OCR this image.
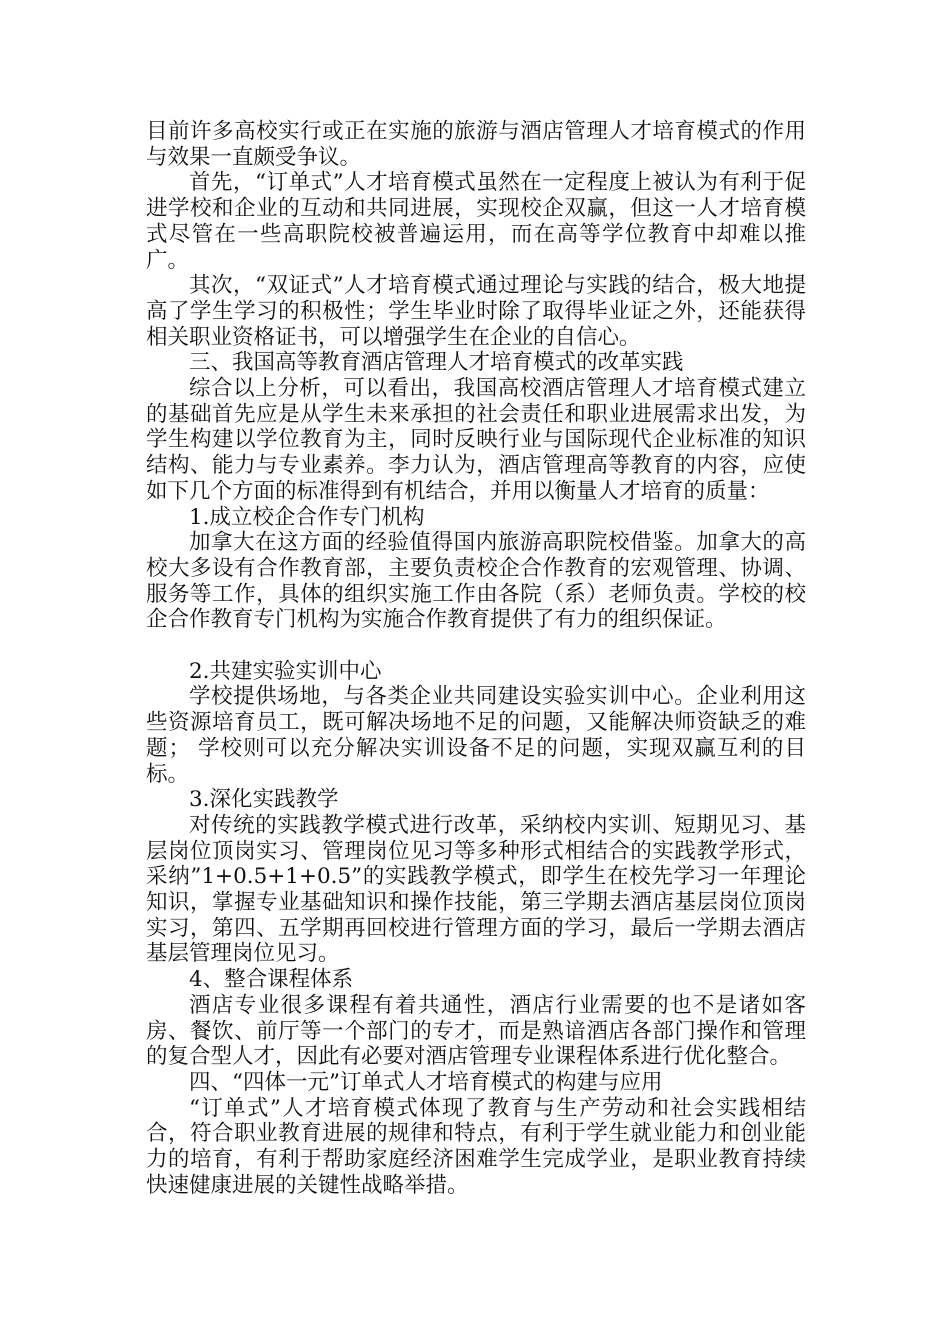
目前许多高校实行或正在实施的旅游与酒店管理人才培育模式的作用与效果一直颇受争议。

首先，“订单式”人才培育模式虽然在一定程度上被认为有利于促进学校和企业的互动和共同进展，实现校企双赢，但这一人才培育模式尽管在一些高职院校被普遍运用，而在高等学位教育中却难以推广。

其次，“双证式”人才培育模式通过理论与实践的结合，极大地提高了学生学习的积极性；学生毕业时除了取得毕业证之外，还能获得相关职业资格证书，可以增强学生在企业的自信心。

三、我国高等教育酒店管理人才培育模式的改革实践

综合以上分析，可以看出，我国高校酒店管理人才培育模式建立的基础首先应是从学生未来承担的社会责任和职业进展需求出发，为学生构建以学位教育为主，同时反映行业与国际现代企业标准的知识结构、能力与专业素养。李力认为，酒店管理高等教育的内容，应使如下几个方面的标准得到有机结合，并用以衡量人才培育的质量：

1.成立校企合作专门机构

加拿大在这方面的经验值得国内旅游高职院校借鉴。加拿大的高校大多设有合作教育部，主要负责校企合作教育的宏观管理、协调、服务等工作，具体的组织实施工作由各院（系）老师负责。学校的校企合作教育专门机构为实施合作教育提供了有力的组织保证。

2.共建实验实训中心

学校提供场地，与各类企业共同建设实验实训中心。企业利用这些资源培育员工，既可解决场地不足的问题，又能解决师资缺乏的难题； 学校则可以充分解决实训设备不足的问题，实现双赢互利的目标。

3.深化实践教学

对传统的实践教学模式进行改革，采纳校内实训、短期见习、基层岗位顶岗实习、管理岗位见习等多种形式相结合的实践教学形式，采纳”1+0.5+1+0.5”的实践教学模式，即学生在校先学习一年理论知识，掌握专业基础知识和操作技能，第三学期去酒店基层岗位顶岗实习，第四、五学期再回校进行管理方面的学习，最后一学期去酒店基层管理岗位见习。

4、整合课程体系

酒店专业很多课程有着共通性，酒店行业需要的也不是诸如客房、餐饮、前厅等一个部门的专才，而是熟谙酒店各部门操作和管理的复合型人才，因此有必要对酒店管理专业课程体系进行优化整合。

四、“四体一元”订单式人才培育模式的构建与应用

“订单式”人才培育模式体现了教育与生产劳动和社会实践相结合，符合职业教育进展的规律和特点，有利于学生就业能力和创业能力的培育，有利于帮助家庭经济困难学生完成学业，是职业教育持续快速健康进展的关键性战略举措。
